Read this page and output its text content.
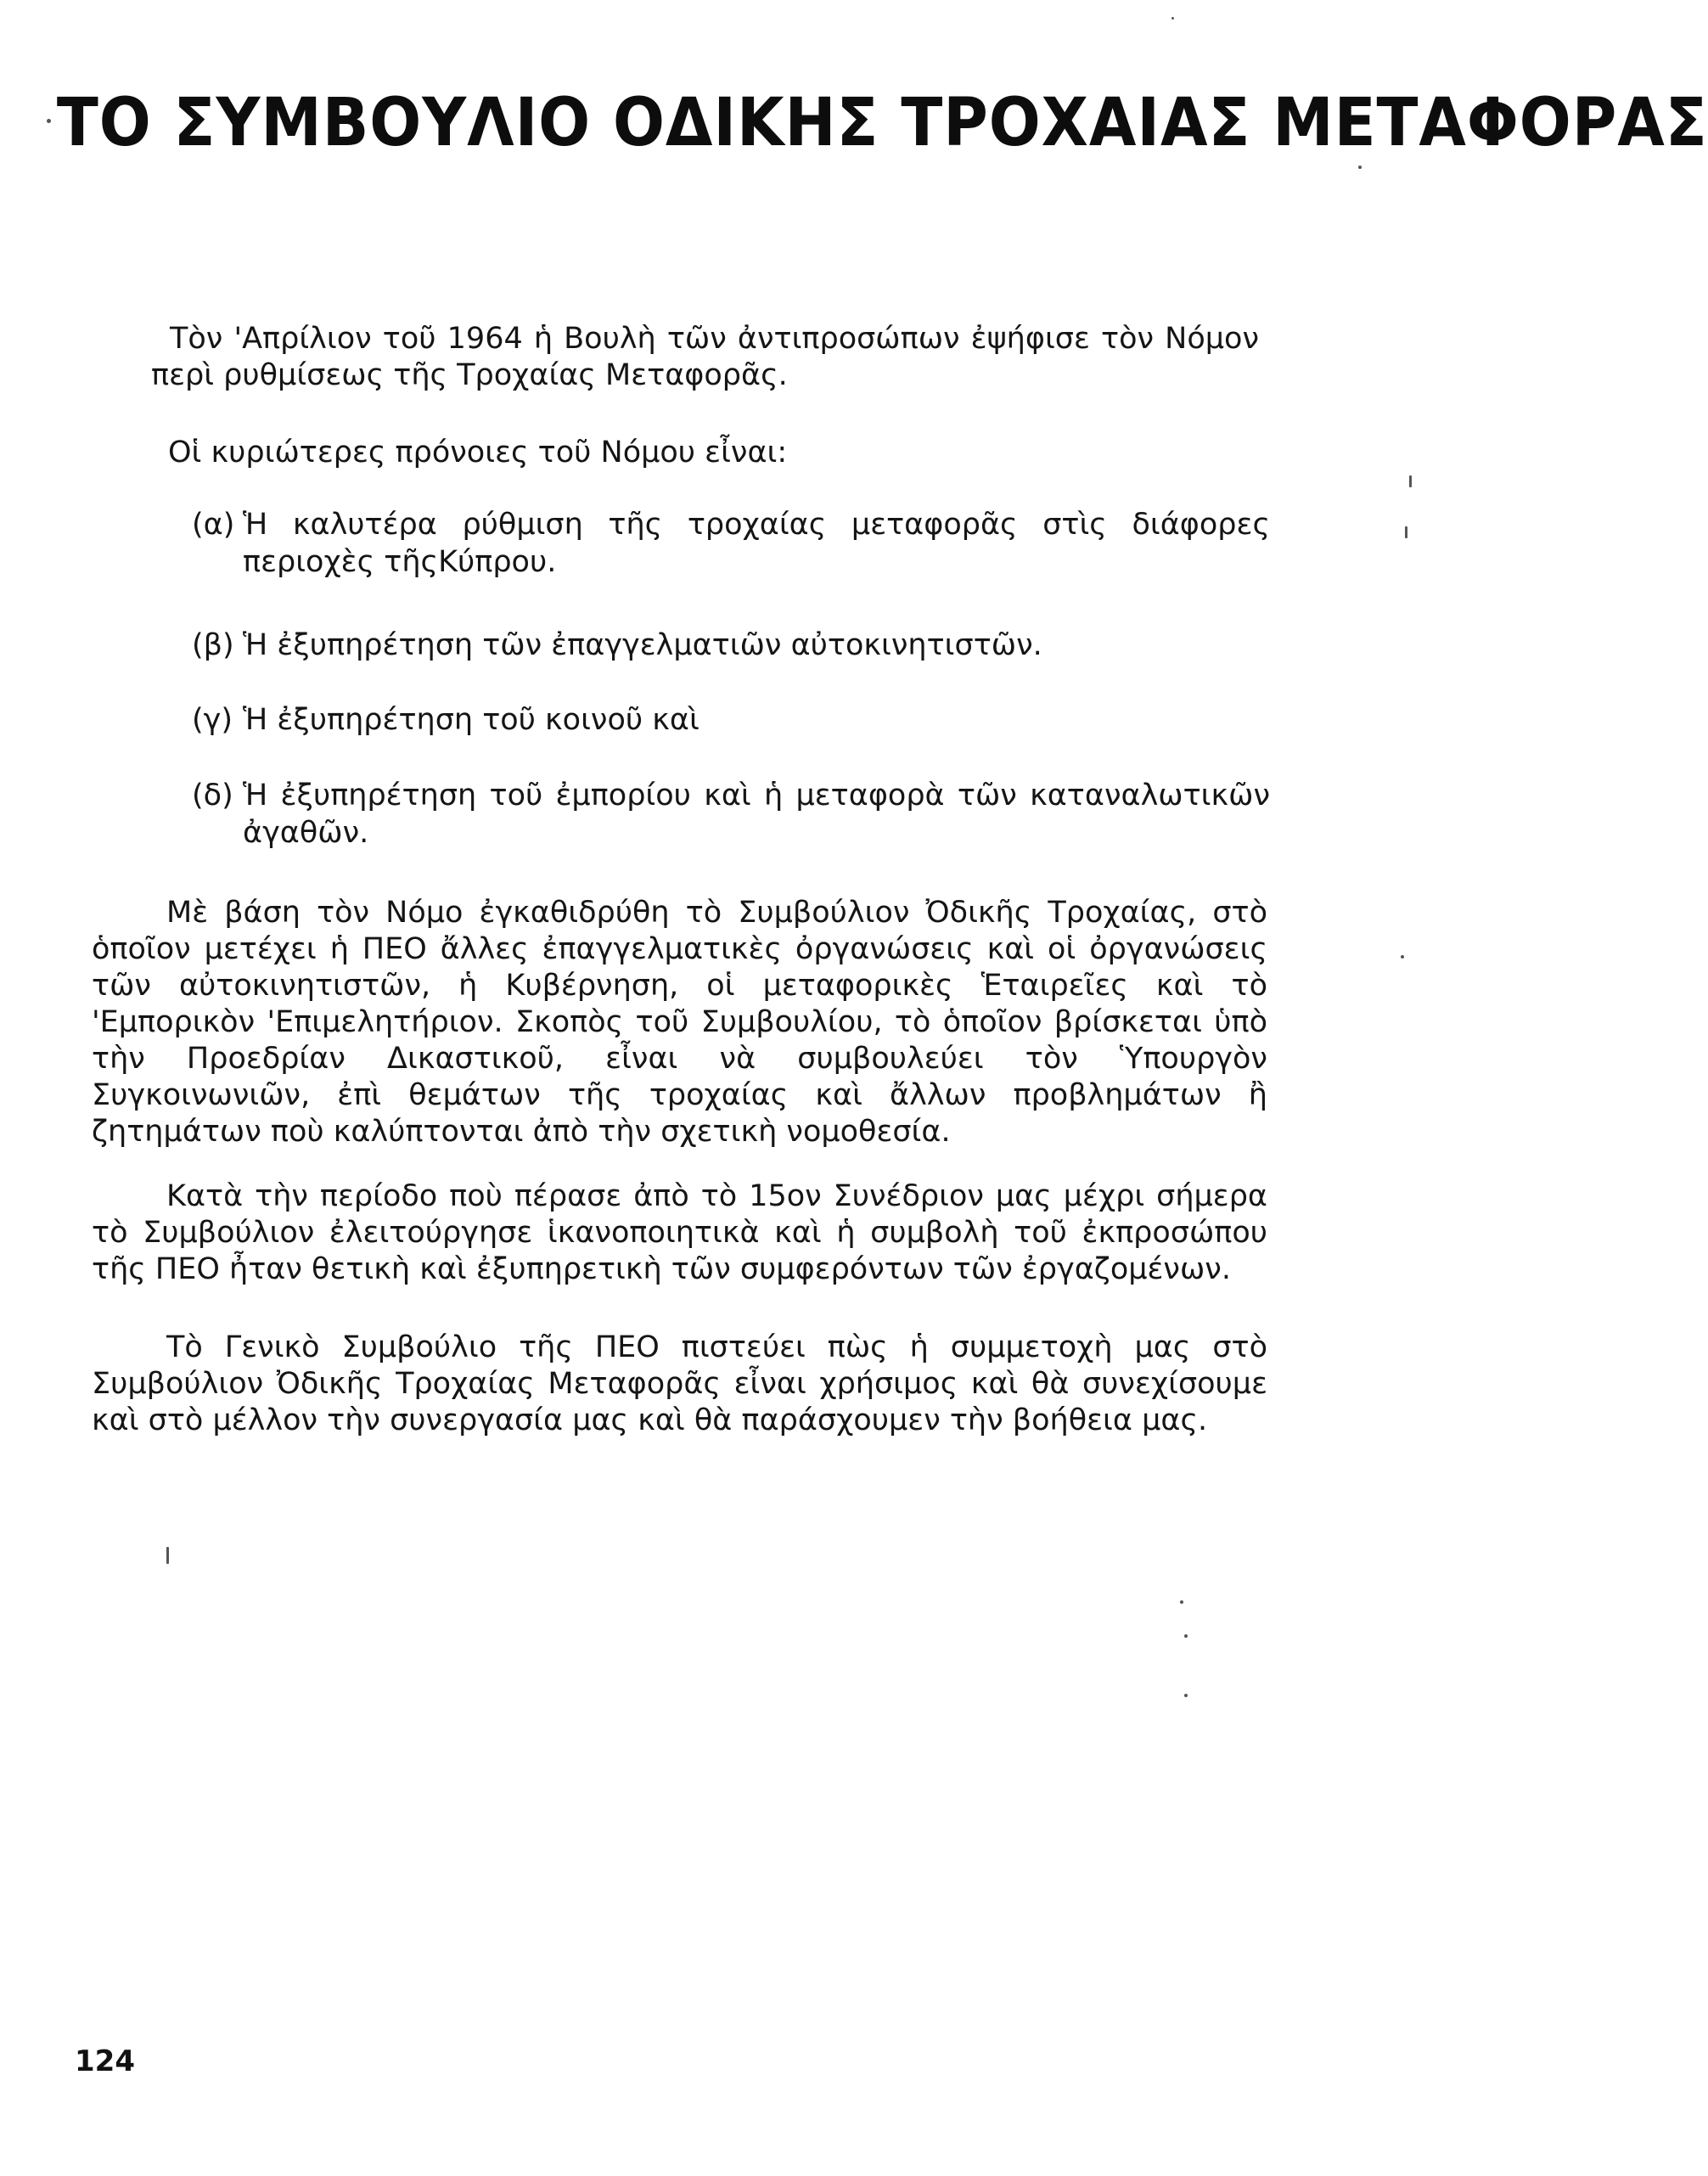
ΤΟ ΣΥΜΒΟΥΛΙΟ ΟΔΙΚΗΣ ΤΡΟΧΑΙΑΣ ΜΕΤΑΦΟΡΑΣ
Τὸν 'Απρίλιον τοῦ 1964 ἡ Βουλὴ τῶν ἀντιπροσώπων ἐψήφισε τὸν Νόμον περὶ ρυθμίσεως τῆς Τροχαίας Μεταφορᾶς.
Οἱ κυριώτερες πρόνοιες τοῦ Νόμου εἶναι:
(α) Ἡ καλυτέρα ρύθμιση τῆς τροχαίας μεταφορᾶς στὶς διάφορες περιοχὲς τῆςΚύπρου.
(β) Ἡ ἐξυπηρέτηση τῶν ἐπαγγελματιῶν αὐτοκινητιστῶν.
(γ) Ἡ ἐξυπηρέτηση τοῦ κοινοῦ καὶ
(δ) Ἡ ἐξυπηρέτηση τοῦ ἐμπορίου καὶ ἡ μεταφορὰ τῶν καταναλωτικῶν ἀγαθῶν.
Μὲ βάση τὸν Νόμο ἐγκαθιδρύθη τὸ Συμβούλιον Ὀδικῆς Τροχαίας, στὸ ὁποῖον μετέχει ἡ ΠΕΟ ἄλλες ἐπαγγελματικὲς ὀργανώσεις καὶ οἱ ὀργανώσεις τῶν αὐτοκινητιστῶν, ἡ Κυβέρνηση, οἱ μεταφορικὲς Ἑταιρεῖες καὶ τὸ 'Εμπορικὸν 'Επιμελητήριον. Σκοπὸς τοῦ Συμβουλίου, τὸ ὁποῖον βρίσκεται ὑπὸ τὴν Προεδρίαν Δικαστικοῦ, εἶναι νὰ συμβουλεύει τὸν Ὑπουργὸν Συγκοινωνιῶν, ἐπὶ θεμάτων τῆς τροχαίας καὶ ἄλλων προβλημάτων ἢ ζητημάτων ποὺ καλύπτονται ἀπὸ τὴν σχετικὴ νομοθεσία.
Κατὰ τὴν περίοδο ποὺ πέρασε ἀπὸ τὸ 15ον Συνέδριον μας μέχρι σήμερα τὸ Συμβούλιον ἐλειτούργησε ἱκανοποιητικὰ καὶ ἡ συμβολὴ τοῦ ἐκπροσώπου τῆς ΠΕΟ ἦταν θετικὴ καὶ ἐξυπηρετικὴ τῶν συμφερόντων τῶν ἐργαζομένων.
Τὸ Γενικὸ Συμβούλιο τῆς ΠΕΟ πιστεύει πὼς ἡ συμμετοχὴ μας στὸ Συμβούλιον Ὀδικῆς Τροχαίας Μεταφορᾶς εἶναι χρήσιμος καὶ θὰ συνεχίσουμε καὶ στὸ μέλλον τὴν συνεργασία μας καὶ θὰ παράσχουμεν τὴν βοήθεια μας.
124
